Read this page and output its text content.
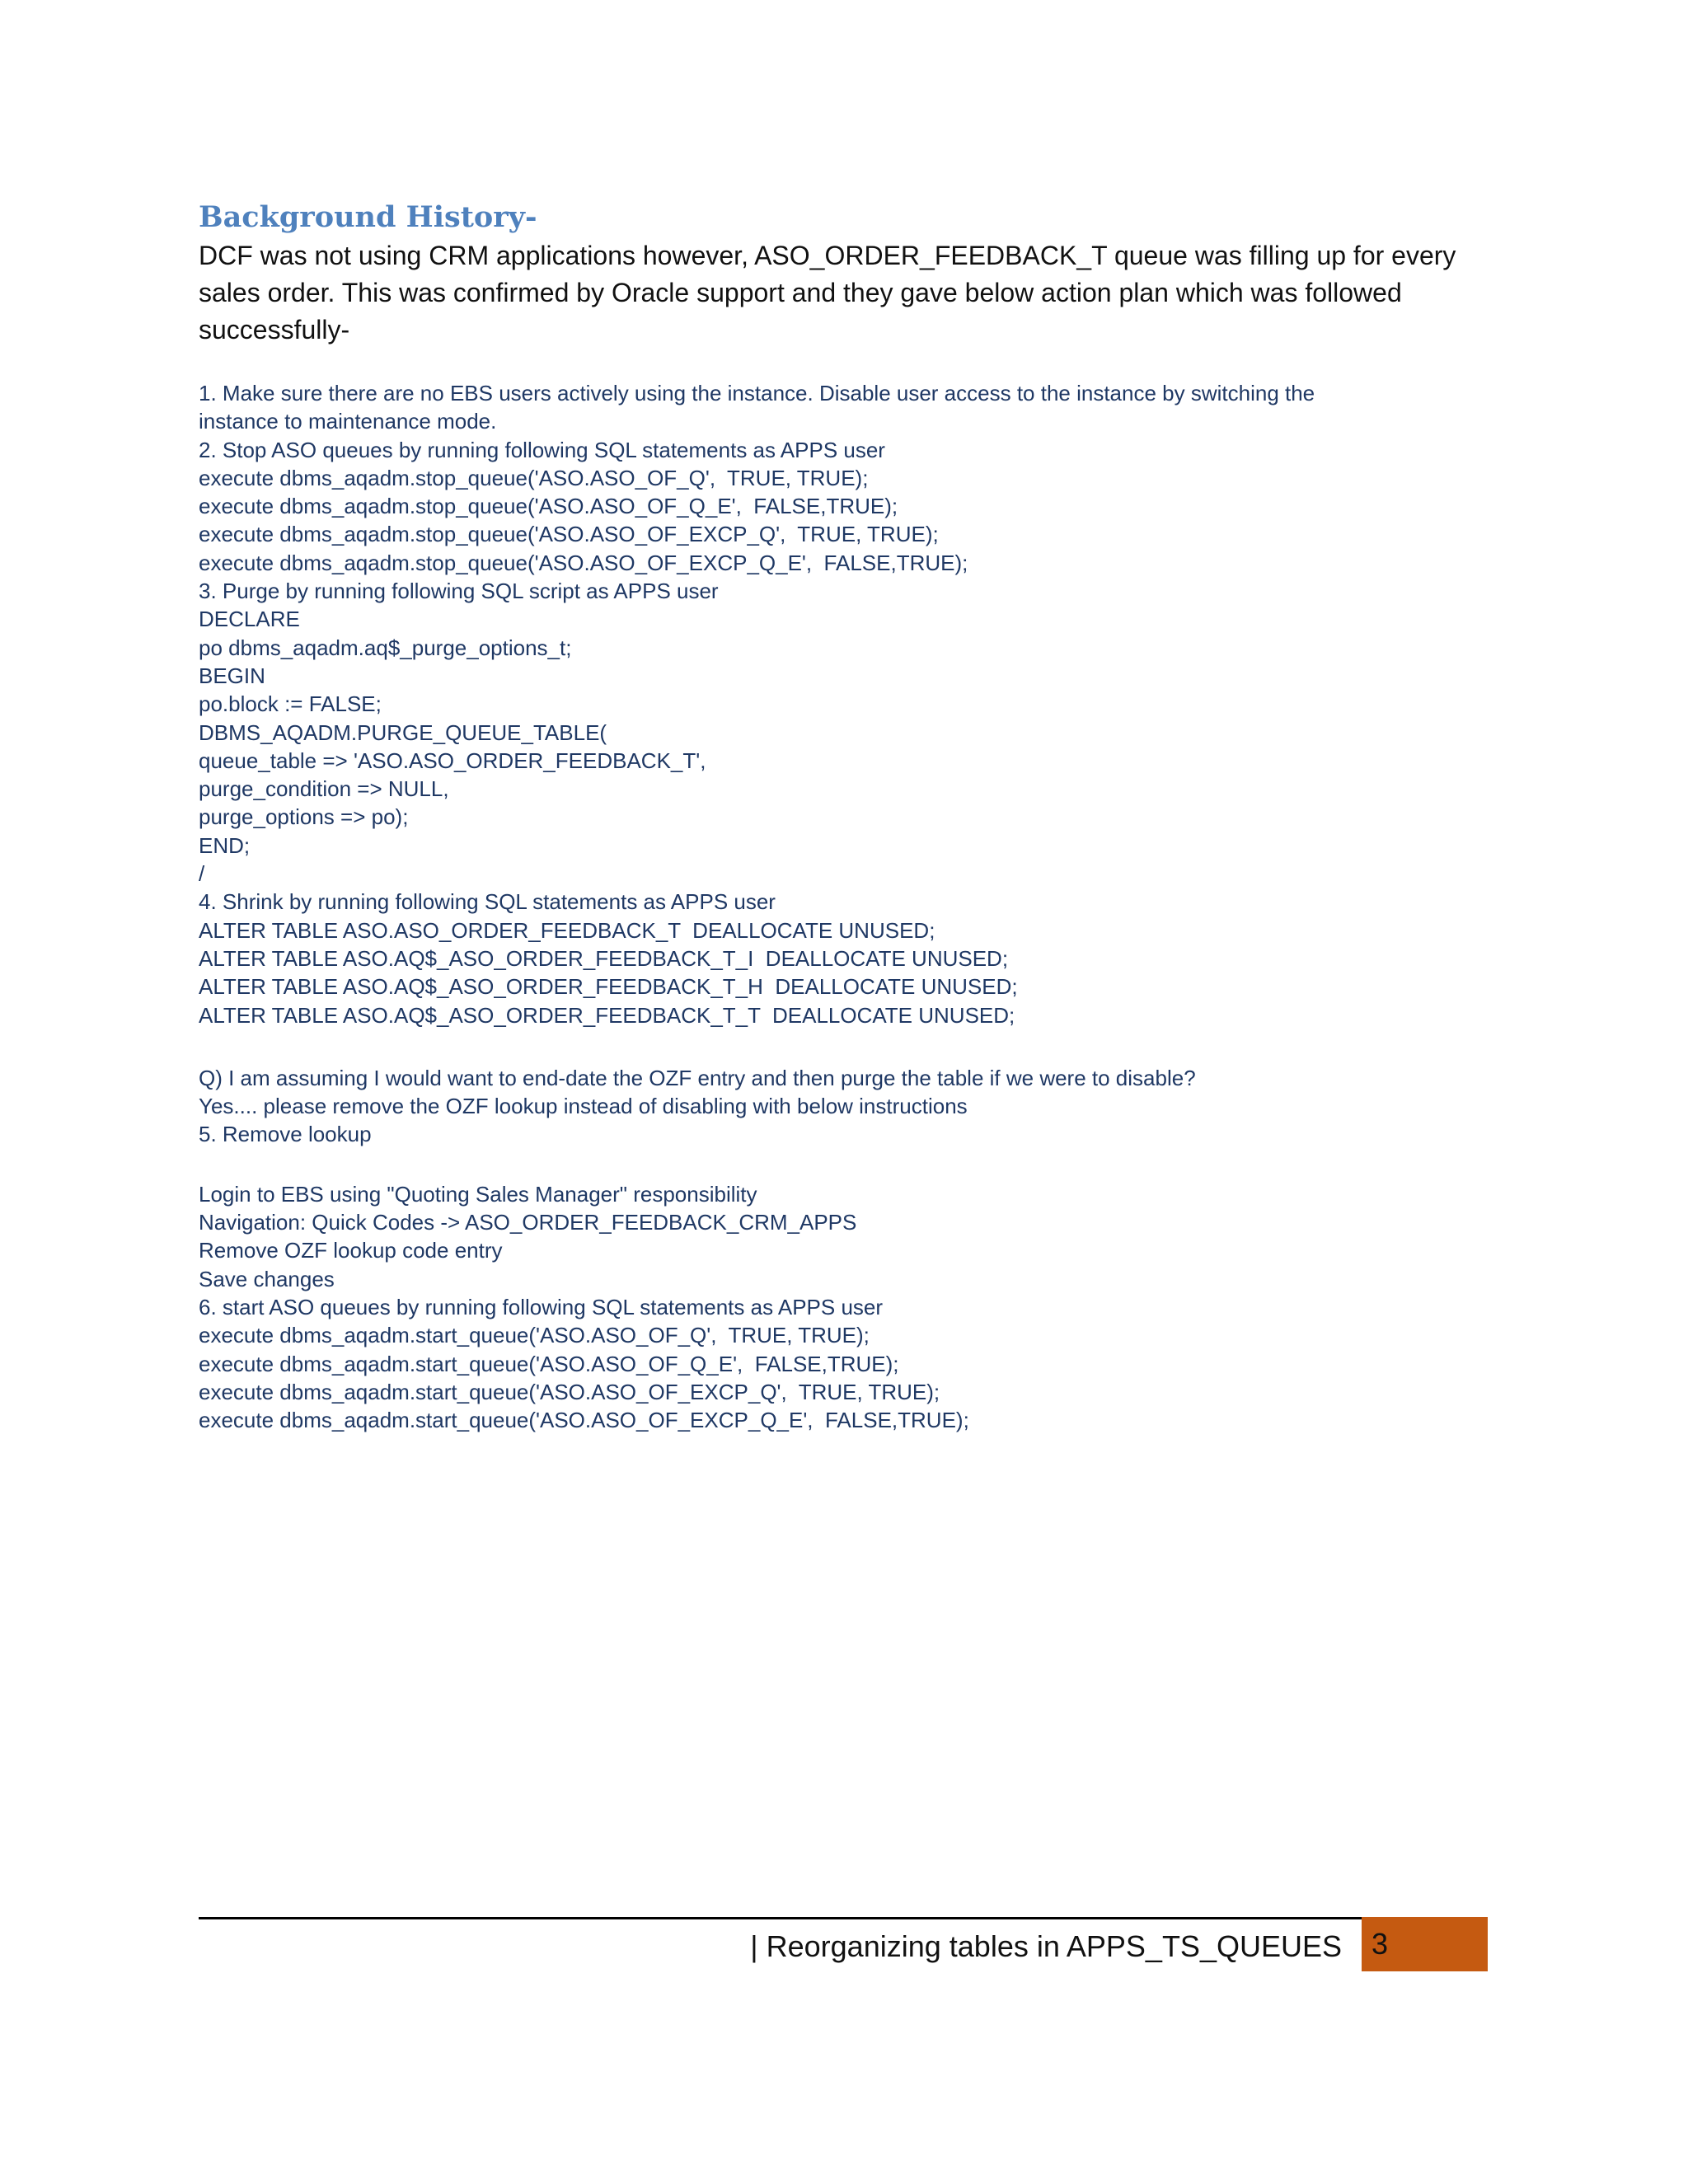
Background History-

DCF was not using CRM applications however, ASO_ORDER_FEEDBACK_T queue was filling up for every

sales order. This was confirmed by Oracle support and they gave below action plan which was followed

successfully-

1. Make sure there are no EBS users actively using the instance. Disable user access to the instance by switching the
instance to maintenance mode.
2. Stop ASO queues by running following SQL statements as APPS user
execute dbms_aqadm.stop_queue('ASO.ASO_OF_Q',  TRUE, TRUE);
execute dbms_aqadm.stop_queue('ASO.ASO_OF_Q_E',  FALSE,TRUE);
execute dbms_aqadm.stop_queue('ASO.ASO_OF_EXCP_Q',  TRUE, TRUE);
execute dbms_aqadm.stop_queue('ASO.ASO_OF_EXCP_Q_E',  FALSE,TRUE);
3. Purge by running following SQL script as APPS user
DECLARE
po dbms_aqadm.aq$_purge_options_t;
BEGIN
po.block := FALSE;
DBMS_AQADM.PURGE_QUEUE_TABLE(
queue_table => 'ASO.ASO_ORDER_FEEDBACK_T',
purge_condition => NULL,
purge_options => po);
END;
/
4. Shrink by running following SQL statements as APPS user
ALTER TABLE ASO.ASO_ORDER_FEEDBACK_T  DEALLOCATE UNUSED;
ALTER TABLE ASO.AQ$_ASO_ORDER_FEEDBACK_T_I  DEALLOCATE UNUSED;
ALTER TABLE ASO.AQ$_ASO_ORDER_FEEDBACK_T_H  DEALLOCATE UNUSED;
ALTER TABLE ASO.AQ$_ASO_ORDER_FEEDBACK_T_T  DEALLOCATE UNUSED;
Q) I am assuming I would want to end-date the OZF entry and then purge the table if we were to disable?
Yes.... please remove the OZF lookup instead of disabling with below instructions
5. Remove lookup
Login to EBS using "Quoting Sales Manager" responsibility
Navigation: Quick Codes -> ASO_ORDER_FEEDBACK_CRM_APPS
Remove OZF lookup code entry
Save changes
6. start ASO queues by running following SQL statements as APPS user
execute dbms_aqadm.start_queue('ASO.ASO_OF_Q',  TRUE, TRUE);
execute dbms_aqadm.start_queue('ASO.ASO_OF_Q_E',  FALSE,TRUE);
execute dbms_aqadm.start_queue('ASO.ASO_OF_EXCP_Q',  TRUE, TRUE);
execute dbms_aqadm.start_queue('ASO.ASO_OF_EXCP_Q_E',  FALSE,TRUE);
| Reorganizing tables in APPS_TS_QUEUES 3
